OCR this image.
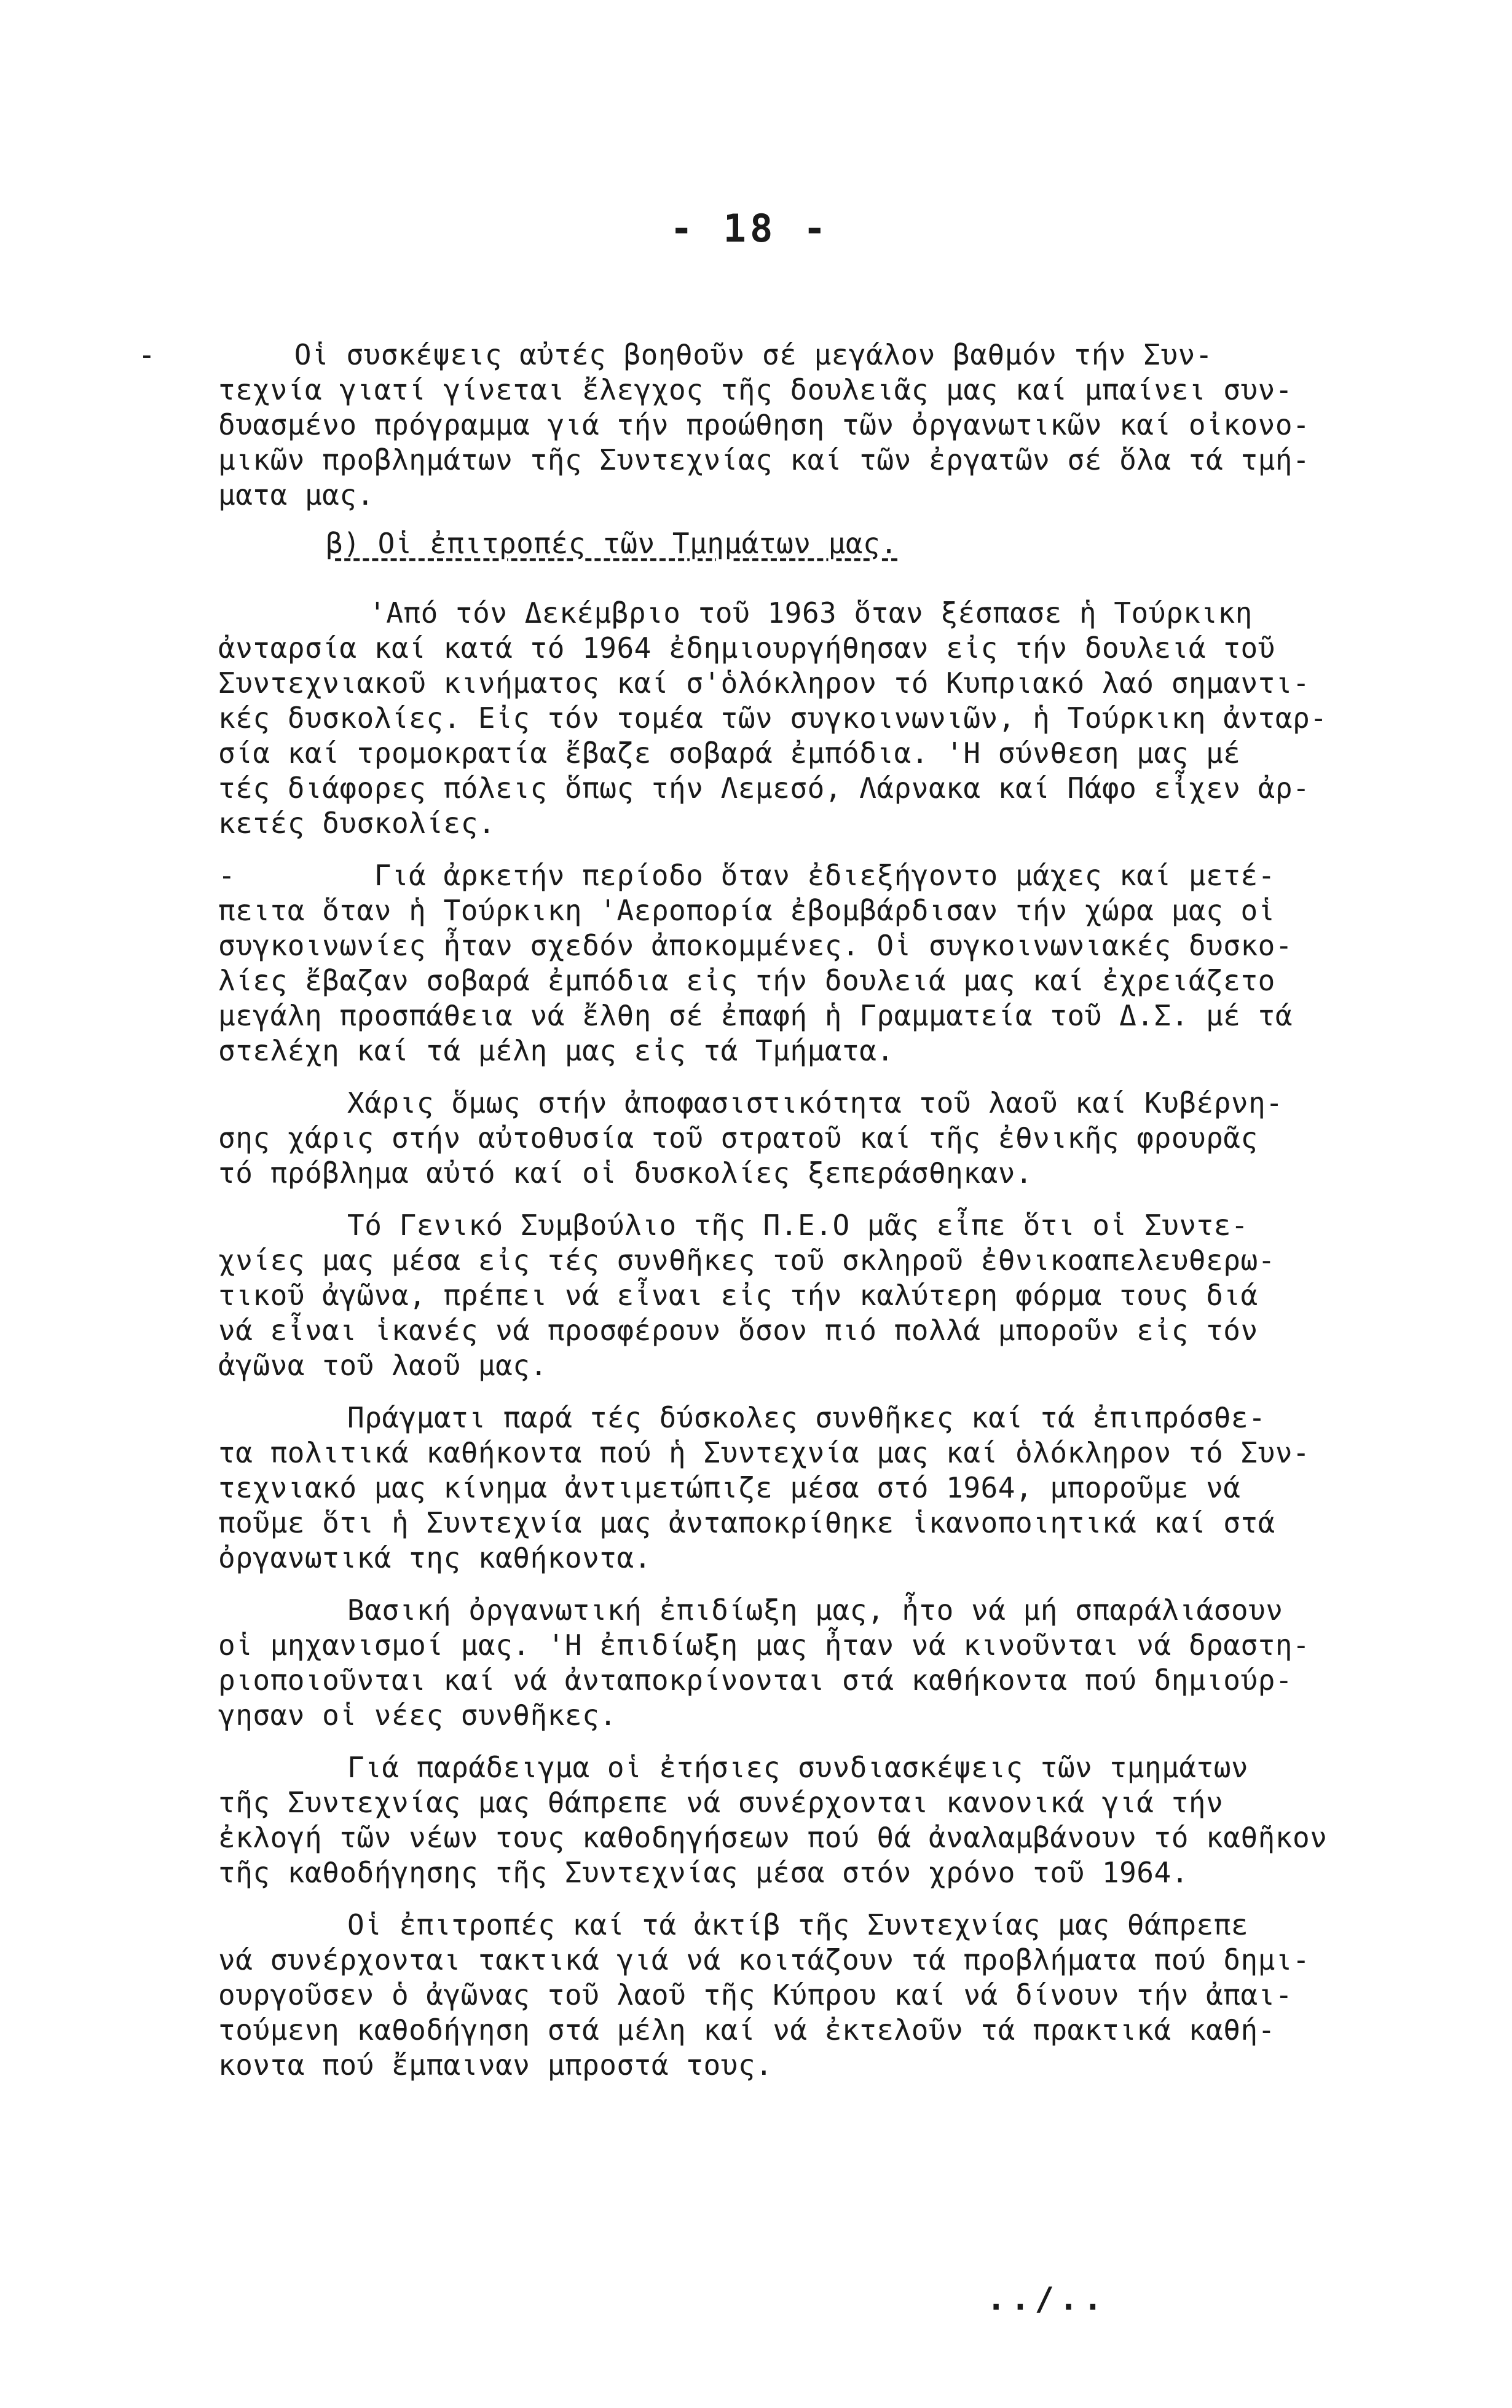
- 18 -
-        Οἱ συσκέψεις αὐτές βοηθοῦν σέ μεγάλον βαθμόν τήν Συν-
τεχνία γιατί γίνεται ἔλεγχος τῆς δουλειᾶς μας καί μπαίνει συν-
δυασμένο πρόγραμμα γιά τήν προώθηση τῶν ὀργανωτικῶν καί οἰκονο-
μικῶν προβλημάτων τῆς Συντεχνίας καί τῶν ἐργατῶν σέ ὅλα τά τμή-
ματα μας.
β) Οἱ ἐπιτροπές τῶν Τμημάτων μας.
'Από τόν Δεκέμβριο τοῦ 1963 ὅταν ξέσπασε ἡ Τούρκικη
ἀνταρσία καί κατά τό 1964 ἐδημιουργήθησαν εἰς τήν δουλειά τοῦ
Συντεχνιακοῦ κινήματος καί σ'ὁλόκληρον τό Κυπριακό λαό σημαντι-
κές δυσκολίες. Εἰς τόν τομέα τῶν συγκοινωνιῶν, ἡ Τούρκικη ἀνταρ-
σία καί τρομοκρατία ἔβαζε σοβαρά ἐμπόδια. 'Η σύνθεση μας μέ
τές διάφορες πόλεις ὅπως τήν Λεμεσό, Λάρνακα καί Πάφο εἶχεν ἀρ-
κετές δυσκολίες.
-        Γιά ἀρκετήν περίοδο ὅταν ἐδιεξήγοντο μάχες καί μετέ-
πειτα ὅταν ἡ Τούρκικη 'Αεροπορία ἐβομβάρδισαν τήν χώρα μας οἱ
συγκοινωνίες ἦταν σχεδόν ἀποκομμένες. Οἱ συγκοινωνιακές δυσκο-
λίες ἔβαζαν σοβαρά ἐμπόδια εἰς τήν δουλειά μας καί ἐχρειάζετο
μεγάλη προσπάθεια νά ἔλθη σέ ἐπαφή ἡ Γραμματεία τοῦ Δ.Σ. μέ τά
στελέχη καί τά μέλη μας εἰς τά Τμήματα.
Χάρις ὅμως στήν ἀποφασιστικότητα τοῦ λαοῦ καί Κυβέρνη-
σης χάρις στήν αὐτοθυσία τοῦ στρατοῦ καί τῆς ἐθνικῆς φρουρᾶς
τό πρόβλημα αὐτό καί οἱ δυσκολίες ξεπεράσθηκαν.
Τό Γενικό Συμβούλιο τῆς Π.Ε.Ο μᾶς εἶπε ὅτι οἱ Συντε-
χνίες μας μέσα εἰς τές συνθῆκες τοῦ σκληροῦ ἐθνικοαπελευθερω-
τικοῦ ἀγῶνα, πρέπει νά εἶναι εἰς τήν καλύτερη φόρμα τους διά
νά εἶναι ἱκανές νά προσφέρουν ὅσον πιό πολλά μποροῦν εἰς τόν
ἀγῶνα τοῦ λαοῦ μας.
Πράγματι παρά τές δύσκολες συνθῆκες καί τά ἐπιπρόσθε-
τα πολιτικά καθήκοντα πού ἡ Συντεχνία μας καί ὁλόκληρον τό Συν-
τεχνιακό μας κίνημα ἀντιμετώπιζε μέσα στό 1964, μποροῦμε νά
ποῦμε ὅτι ἡ Συντεχνία μας ἀνταποκρίθηκε ἱκανοποιητικά καί στά
ὀργανωτικά της καθήκοντα.
Βασική ὀργανωτική ἐπιδίωξη μας, ἦτο νά μή σπαράλιάσουν
οἱ μηχανισμοί μας. 'Η ἐπιδίωξη μας ἦταν νά κινοῦνται νά δραστη-
ριοποιοῦνται καί νά ἀνταποκρίνονται στά καθήκοντα πού δημιούρ-
γησαν οἱ νέες συνθῆκες.
Γιά παράδειγμα οἱ ἐτήσιες συνδιασκέψεις τῶν τμημάτων
τῆς Συντεχνίας μας θάπρεπε νά συνέρχονται κανονικά γιά τήν
ἐκλογή τῶν νέων τους καθοδηγήσεων πού θά ἀναλαμβάνουν τό καθῆκον
τῆς καθοδήγησης τῆς Συντεχνίας μέσα στόν χρόνο τοῦ 1964.
Οἱ ἐπιτροπές καί τά ἀκτίβ τῆς Συντεχνίας μας θάπρεπε
νά συνέρχονται τακτικά γιά νά κοιτάζουν τά προβλήματα πού δημι-
ουργοῦσεν ὁ ἀγῶνας τοῦ λαοῦ τῆς Κύπρου καί νά δίνουν τήν ἀπαι-
τούμενη καθοδήγηση στά μέλη καί νά ἐκτελοῦν τά πρακτικά καθή-
κοντα πού ἔμπαιναν μπροστά τους.
../..
